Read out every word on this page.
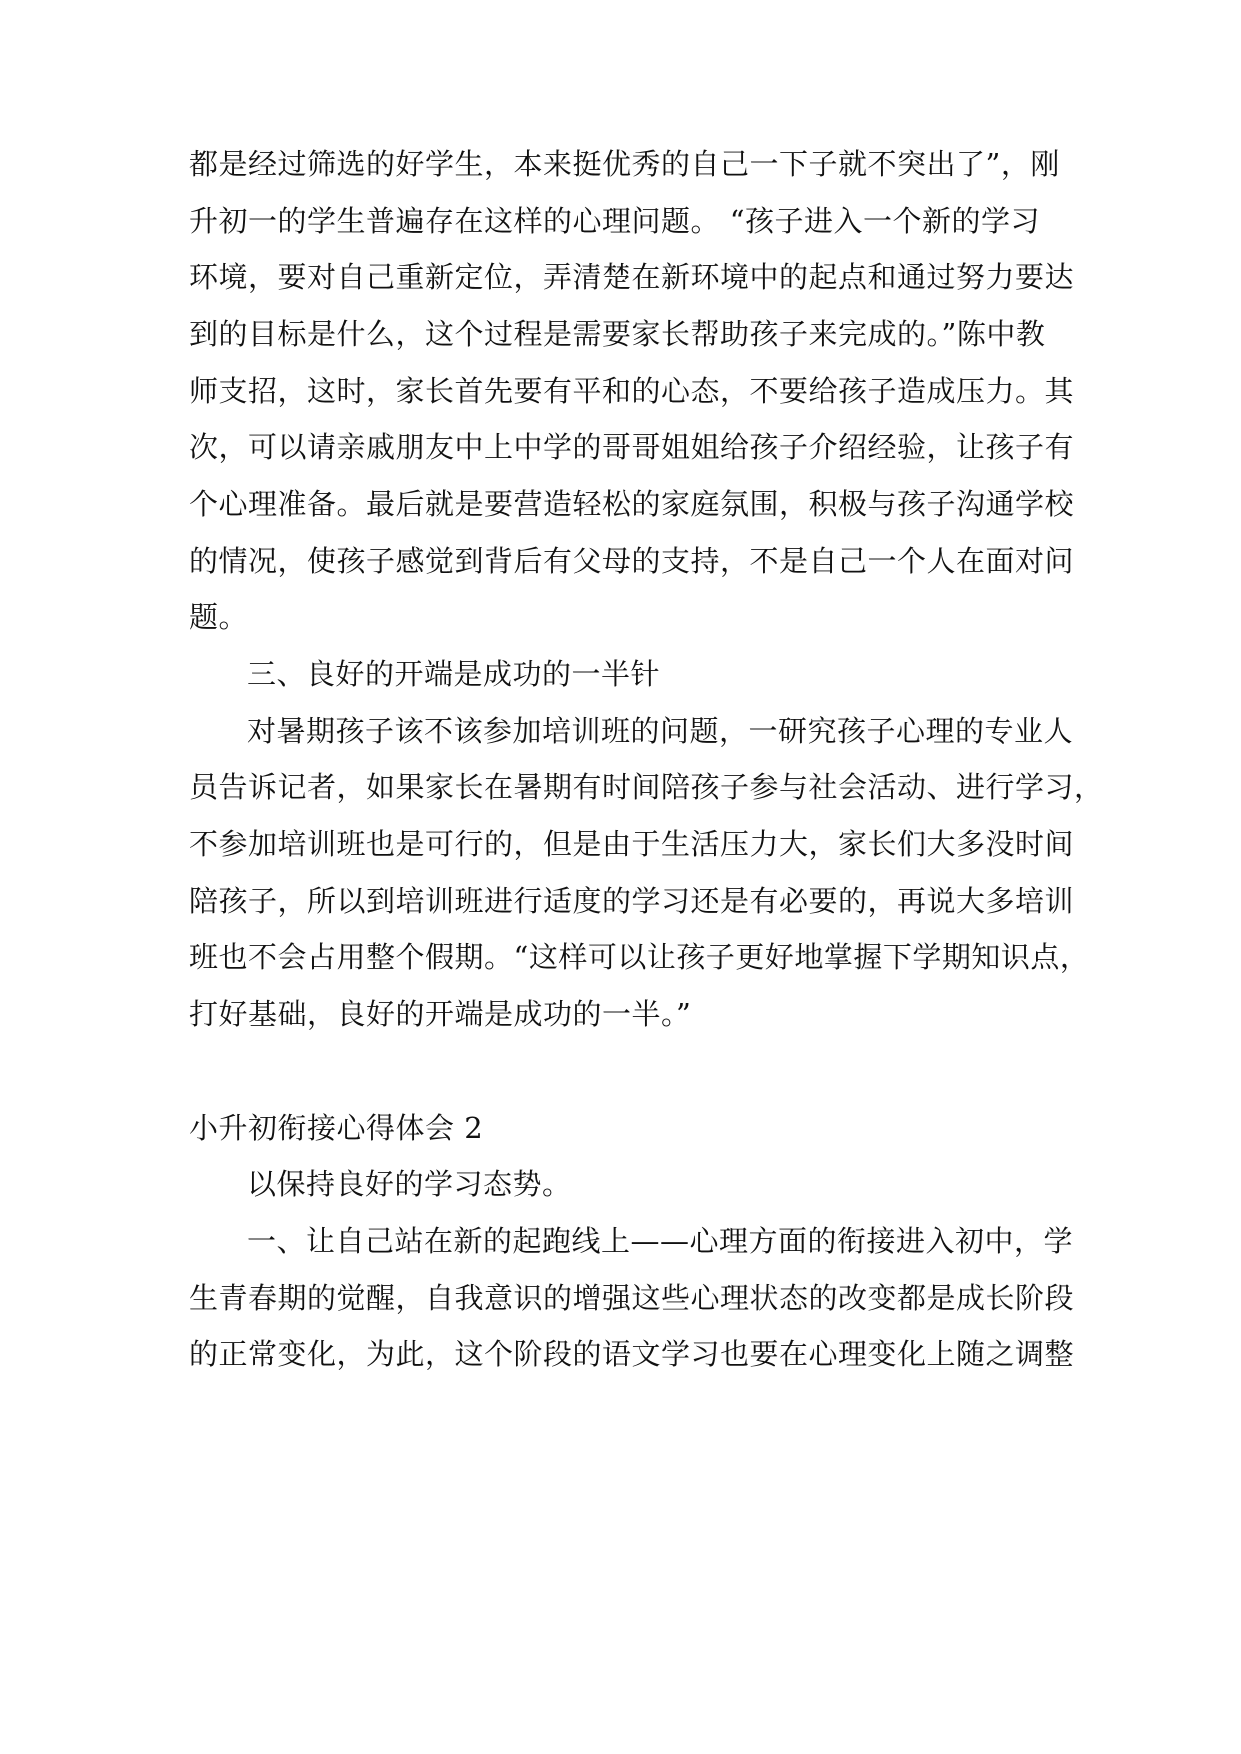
都是经过筛选的好学生，本来挺优秀的自己一下子就不突出了”，刚
升初一的学生普遍存在这样的心理问题。 “孩子进入一个新的学习
环境，要对自己重新定位，弄清楚在新环境中的起点和通过努力要达
到的目标是什么，这个过程是需要家长帮助孩子来完成的。”陈中教
师支招，这时，家长首先要有平和的心态，不要给孩子造成压力。其
次，可以请亲戚朋友中上中学的哥哥姐姐给孩子介绍经验，让孩子有
个心理准备。最后就是要营造轻松的家庭氛围，积极与孩子沟通学校
的情况，使孩子感觉到背后有父母的支持，不是自己一个人在面对问
题。
三、良好的开端是成功的一半针
对暑期孩子该不该参加培训班的问题，一研究孩子心理的专业人
员告诉记者，如果家长在暑期有时间陪孩子参与社会活动、进行学习，
不参加培训班也是可行的，但是由于生活压力大，家长们大多没时间
陪孩子，所以到培训班进行适度的学习还是有必要的，再说大多培训
班也不会占用整个假期。“这样可以让孩子更好地掌握下学期知识点，
打好基础，良好的开端是成功的一半。”
小升初衔接心得体会 2
以保持良好的学习态势。
一、让自己站在新的起跑线上——心理方面的衔接进入初中，学
生青春期的觉醒，自我意识的增强这些心理状态的改变都是成长阶段
的正常变化，为此，这个阶段的语文学习也要在心理变化上随之调整
